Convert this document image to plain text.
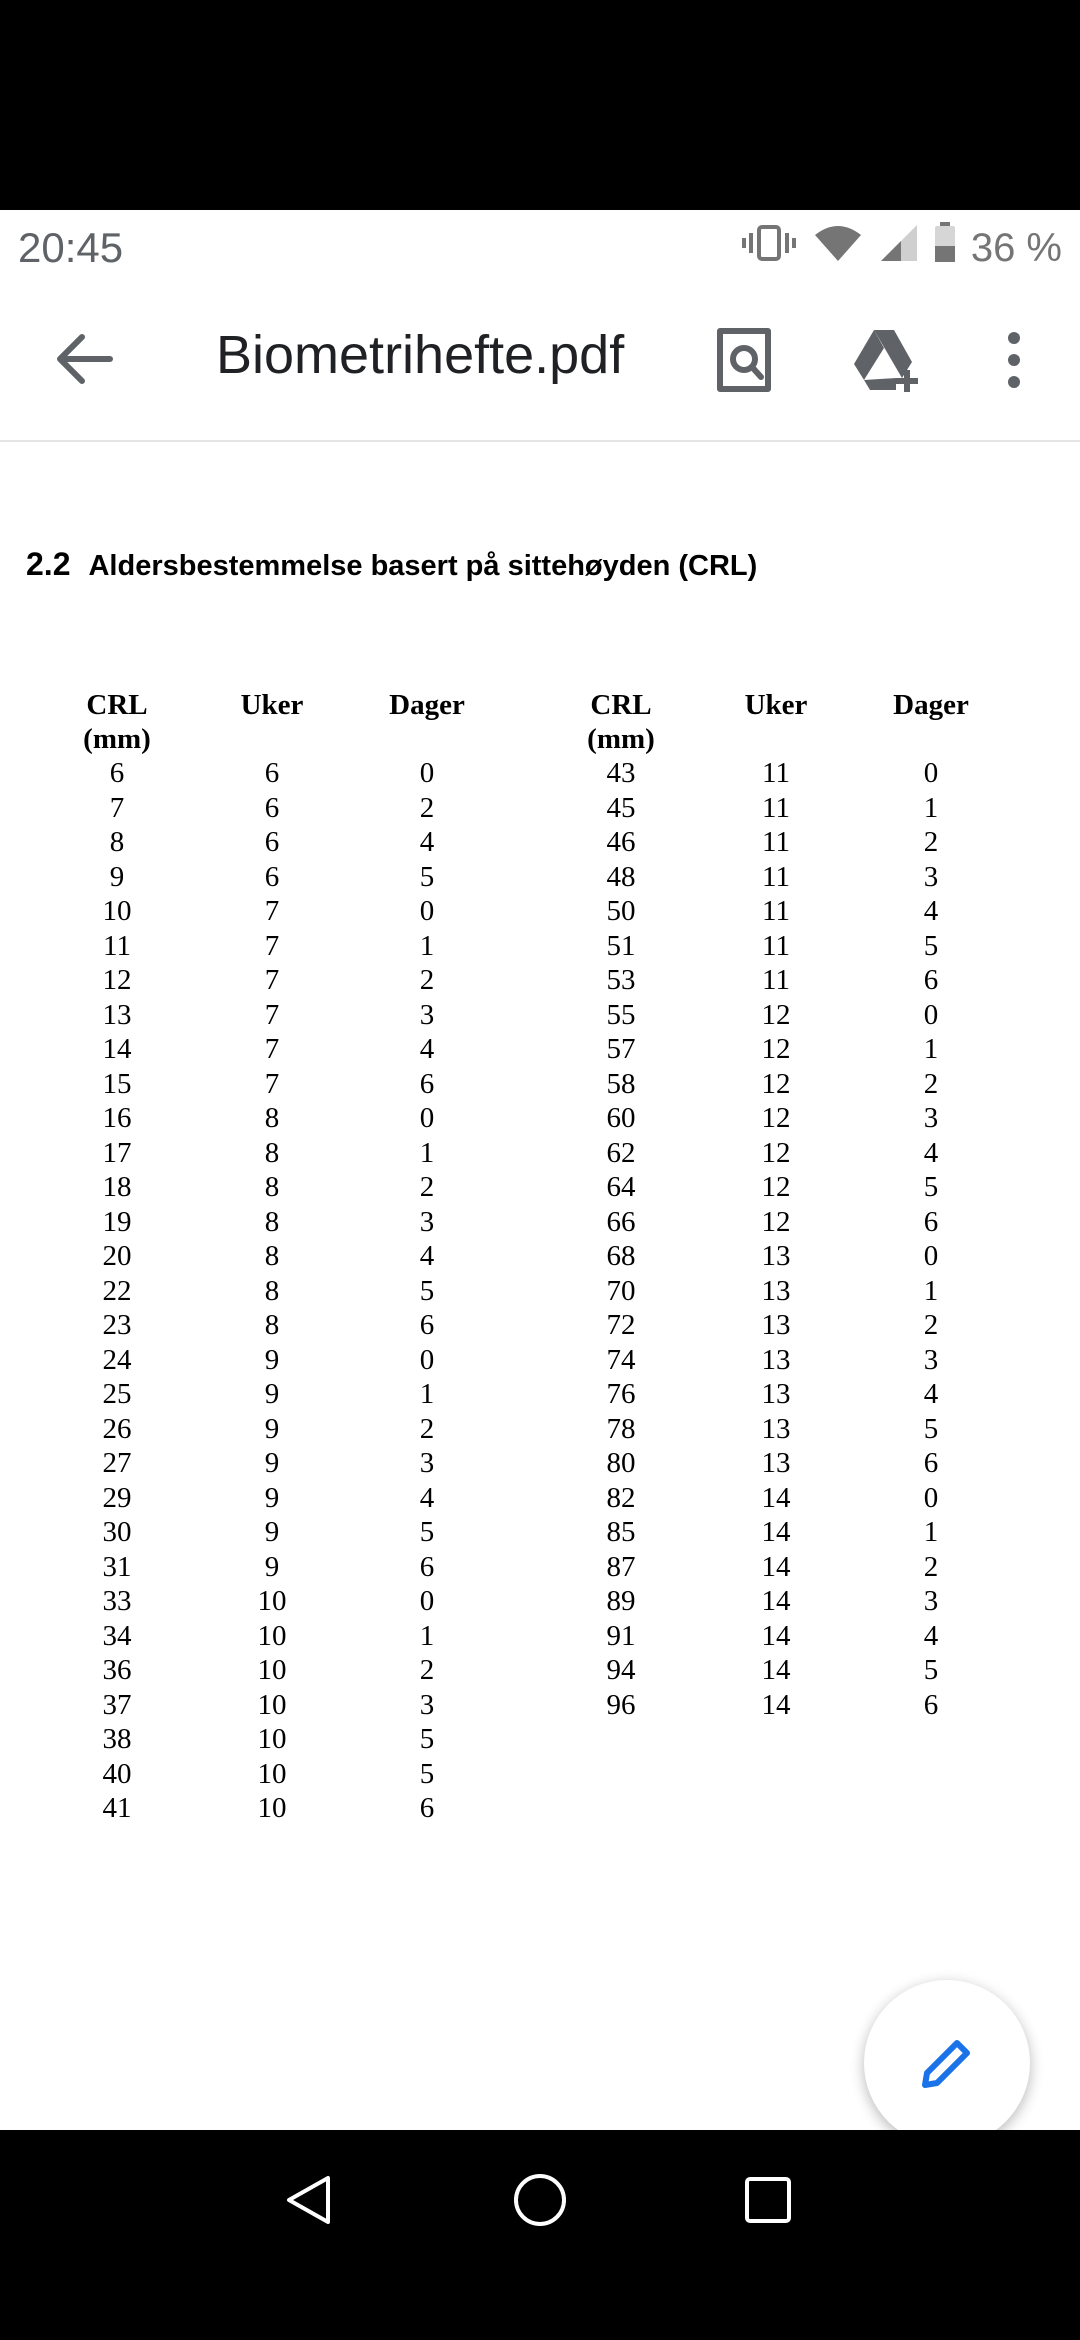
20:45	36 %
Biometrihefte.pdf
2.2 Aldersbestemmelse basert på sittehøyden (CRL)
CRL
(mm)	Uker	Dager
6	6	0
7	6	2
8	6	4
9	6	5
10	7	0
11	7	1
12	7	2
13	7	3
14	7	4
15	7	6
16	8	0
17	8	1
18	8	2
19	8	3
20	8	4
22	8	5
23	8	6
24	9	0
25	9	1
26	9	2
27	9	3
29	9	4
30	9	5
31	9	6
33	10	0
34	10	1
36	10	2
37	10	3
38	10	5
40	10	5
41	10	6
CRL
(mm)	Uker	Dager
43	11	0
45	11	1
46	11	2
48	11	3
50	11	4
51	11	5
53	11	6
55	12	0
57	12	1
58	12	2
60	12	3
62	12	4
64	12	5
66	12	6
68	13	0
70	13	1
72	13	2
74	13	3
76	13	4
78	13	5
80	13	6
82	14	0
85	14	1
87	14	2
89	14	3
91	14	4
94	14	5
96	14	6
